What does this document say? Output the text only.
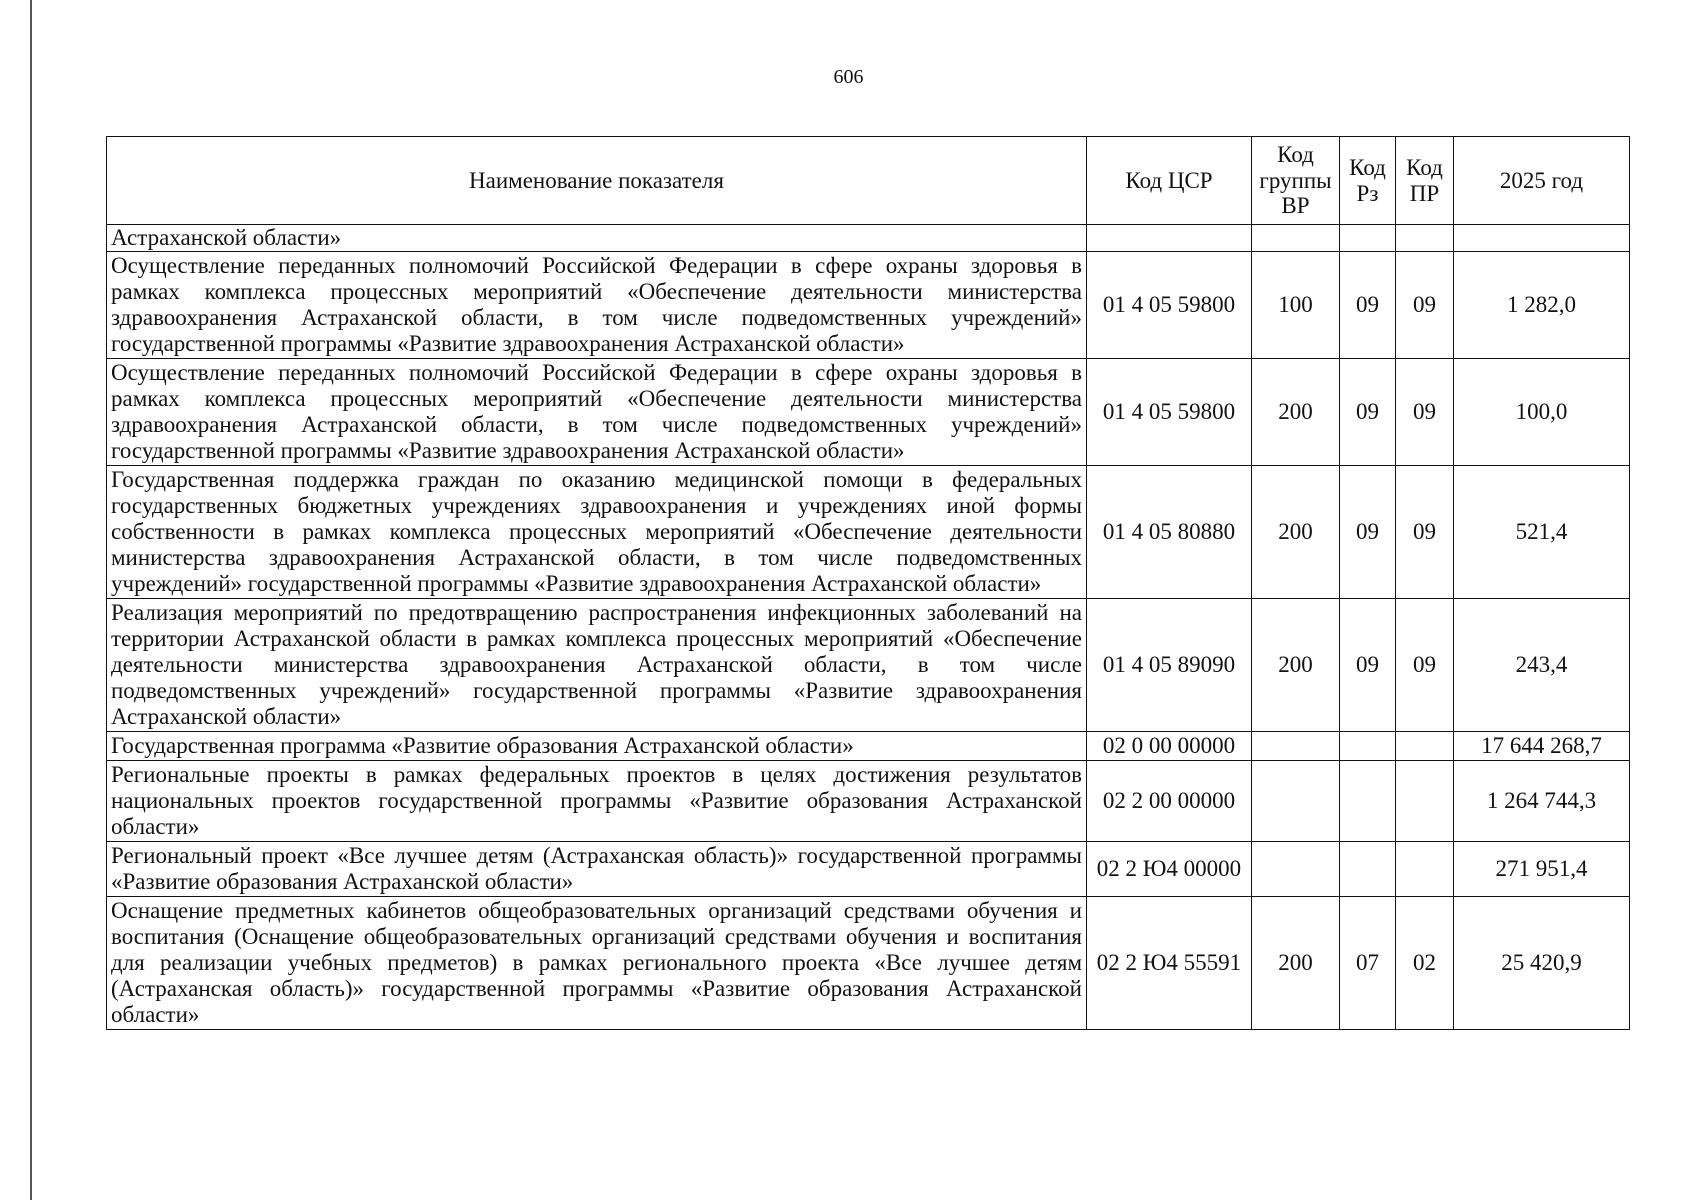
606
Наименование показателя	Код ЦСР	Код группы ВР	Код Рз	Код ПР	2025 год
Астраханской области»					
Осуществление переданных полномочий Российской Федерации в сфере охраны здоровья в рамках комплекса процессных мероприятий «Обеспечение деятельности министерства здравоохранения Астраханской области, в том числе подведомственных учреждений» государственной программы «Развитие здравоохранения Астраханской области»	01 4 05 59800	100	09	09	1 282,0
Осуществление переданных полномочий Российской Федерации в сфере охраны здоровья в рамках комплекса процессных мероприятий «Обеспечение деятельности министерства здравоохранения Астраханской области, в том числе подведомственных учреждений» государственной программы «Развитие здравоохранения Астраханской области»	01 4 05 59800	200	09	09	100,0
Государственная поддержка граждан по оказанию медицинской помощи в федеральных государственных бюджетных учреждениях здравоохранения и учреждениях иной формы собственности в рамках комплекса процессных мероприятий «Обеспечение деятельности министерства здравоохранения Астраханской области, в том числе подведомственных учреждений» государственной программы «Развитие здравоохранения Астраханской области»	01 4 05 80880	200	09	09	521,4
Реализация мероприятий по предотвращению распространения инфекционных заболеваний на территории Астраханской области в рамках комплекса процессных мероприятий «Обеспечение деятельности министерства здравоохранения Астраханской области, в том числе подведомственных учреждений» государственной программы «Развитие здравоохранения Астраханской области»	01 4 05 89090	200	09	09	243,4
Государственная программа «Развитие образования Астраханской области»	02 0 00 00000				17 644 268,7
Региональные проекты в рамках федеральных проектов в целях достижения результатов национальных проектов государственной программы «Развитие образования Астраханской области»	02 2 00 00000				1 264 744,3
Региональный проект «Все лучшее детям (Астраханская область)» государственной программы «Развитие образования Астраханской области»	02 2 Ю4 00000				271 951,4
Оснащение предметных кабинетов общеобразовательных организаций средствами обучения и воспитания (Оснащение общеобразовательных организаций средствами обучения и воспитания для реализации учебных предметов) в рамках регионального проекта «Все лучшее детям (Астраханская область)» государственной программы «Развитие образования Астраханской области»	02 2 Ю4 55591	200	07	02	25 420,9
